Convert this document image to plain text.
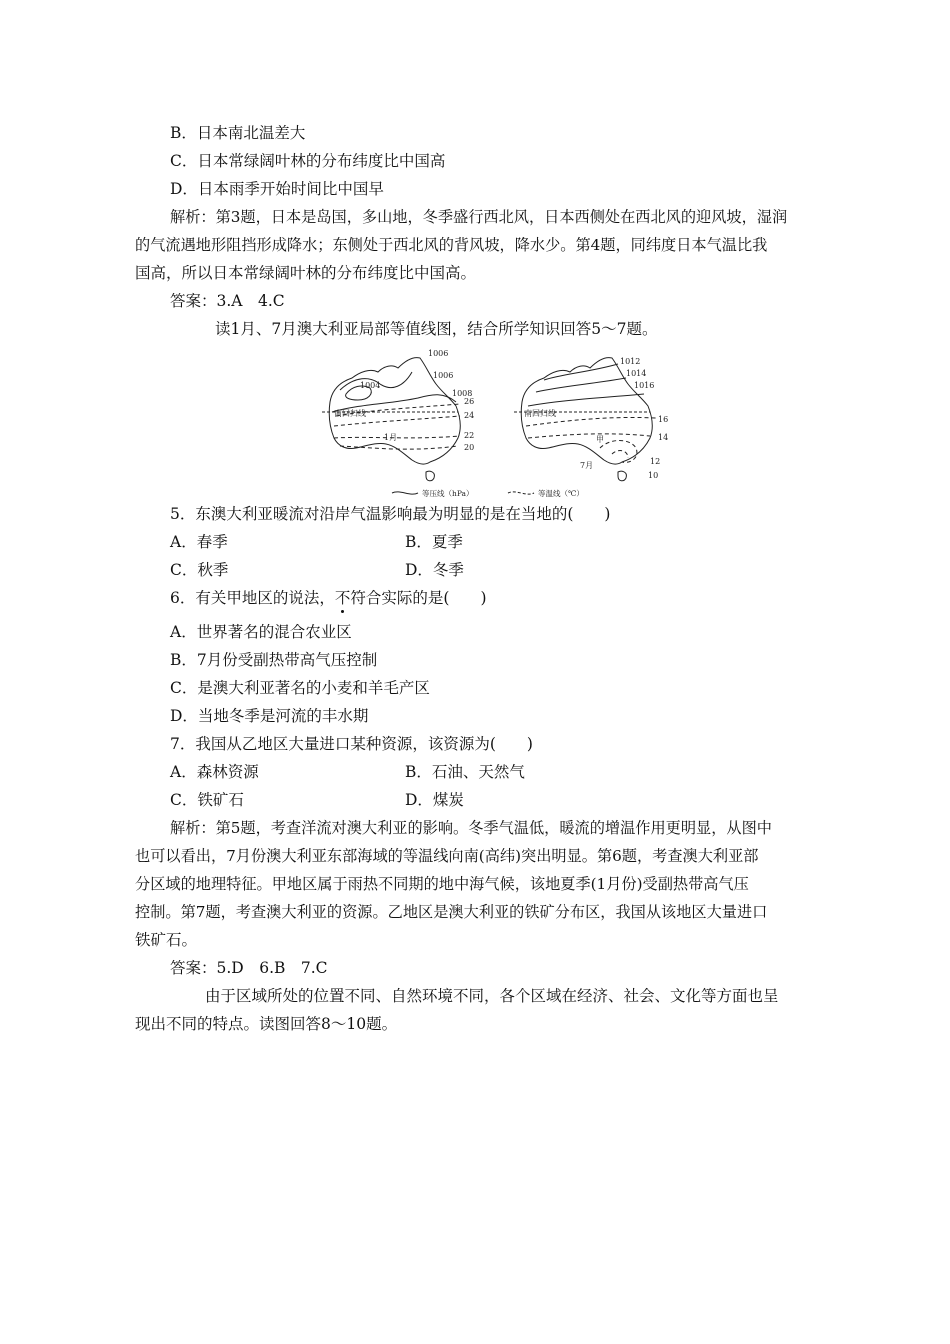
B．日本南北温差大
C．日本常绿阔叶林的分布纬度比中国高
D．日本雨季开始时间比中国早
解析：第3题，日本是岛国，多山地，冬季盛行西北风，日本西侧处在西北风的迎风坡，湿润
的气流遇地形阻挡形成降水；东侧处于西北风的背风坡，降水少。第4题，同纬度日本气温比我
国高，所以日本常绿阔叶林的分布纬度比中国高。
答案：3.A　4.C
读1月、7月澳大利亚局部等值线图，结合所学知识回答5～7题。
1006
1006
1004
1008
26
24
22
20
南回归线
1月
1012
1014
1016
16
14
12
10
南回归线
甲
7月
等压线（hPa）	等温线（℃）
5．东澳大利亚暖流对沿岸气温影响最为明显的是在当地的(　　)
A．春季	B．夏季
C．秋季	D．冬季
6．有关甲地区的说法，不符合实际的是(　　)
A．世界著名的混合农业区
B．7月份受副热带高气压控制
C．是澳大利亚著名的小麦和羊毛产区
D．当地冬季是河流的丰水期
7．我国从乙地区大量进口某种资源，该资源为(　　)
A．森林资源	B．石油、天然气
C．铁矿石	D．煤炭
解析：第5题，考查洋流对澳大利亚的影响。冬季气温低，暖流的增温作用更明显，从图中
也可以看出，7月份澳大利亚东部海域的等温线向南(高纬)突出明显。第6题，考查澳大利亚部
分区域的地理特征。甲地区属于雨热不同期的地中海气候，该地夏季(1月份)受副热带高气压
控制。第7题，考查澳大利亚的资源。乙地区是澳大利亚的铁矿分布区，我国从该地区大量进口
铁矿石。
答案：5.D　6.B　7.C
由于区域所处的位置不同、自然环境不同，各个区域在经济、社会、文化等方面也呈
现出不同的特点。读图回答8～10题。
